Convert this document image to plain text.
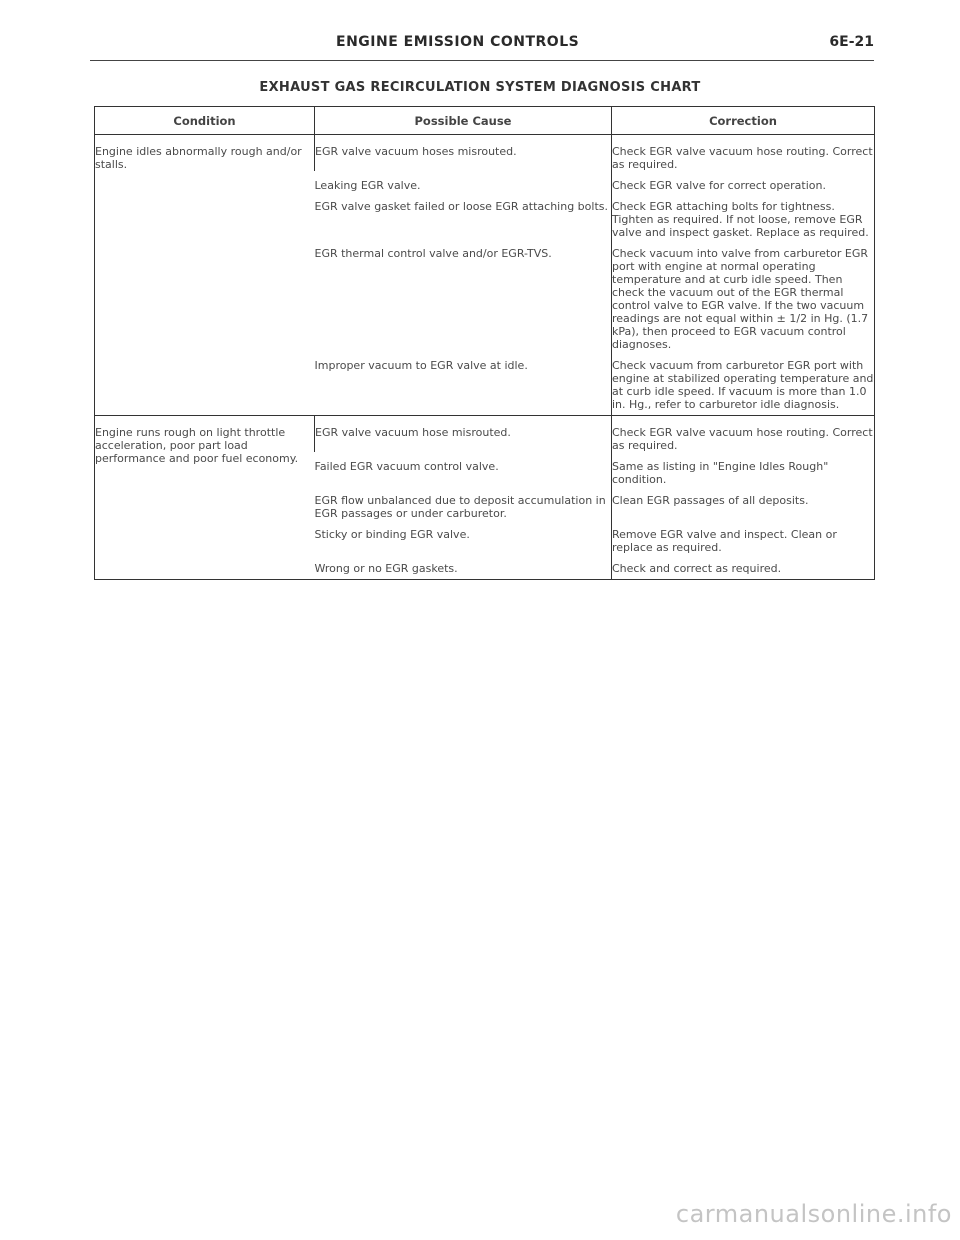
ENGINE EMISSION CONTROLS	6E-21
EXHAUST GAS RECIRCULATION SYSTEM DIAGNOSIS CHART
Condition	Possible Cause	Correction
Engine idles abnormally rough and/or stalls.	EGR valve vacuum hoses misrouted.	Check EGR valve vacuum hose routing. Correct as required.

	Leaking EGR valve.	Check EGR valve for correct operation.

	EGR valve gasket failed or loose EGR attaching bolts.	Check EGR attaching bolts for tightness. Tighten as required. If not loose, remove EGR valve and inspect gasket. Replace as required.

	EGR thermal control valve and/or EGR-TVS.	Check vacuum into valve from carburetor EGR port with engine at normal operating temperature and at curb idle speed. Then check the vacuum out of the EGR thermal control valve to EGR valve. If the two vacuum readings are not equal within ± 1/2 in Hg. (1.7 kPa), then proceed to EGR vacuum control diagnoses.

	Improper vacuum to EGR valve at idle.	Check vacuum from carburetor EGR port with engine at stabilized operating temperature and at curb idle speed. If vacuum is more than 1.0 in. Hg., refer to carburetor idle diagnosis.
Engine runs rough on light throttle acceleration, poor part load performance and poor fuel economy.	EGR valve vacuum hose misrouted.	Check EGR valve vacuum hose routing. Correct as required.

	Failed EGR vacuum control valve.	Same as listing in "Engine Idles Rough" condition.

	EGR flow unbalanced due to deposit accumulation in EGR passages or under carburetor.	Clean EGR passages of all deposits.

	Sticky or binding EGR valve.	Remove EGR valve and inspect. Clean or replace as required.

	Wrong or no EGR gaskets.	Check and correct as required.
carmanualsonline.info
